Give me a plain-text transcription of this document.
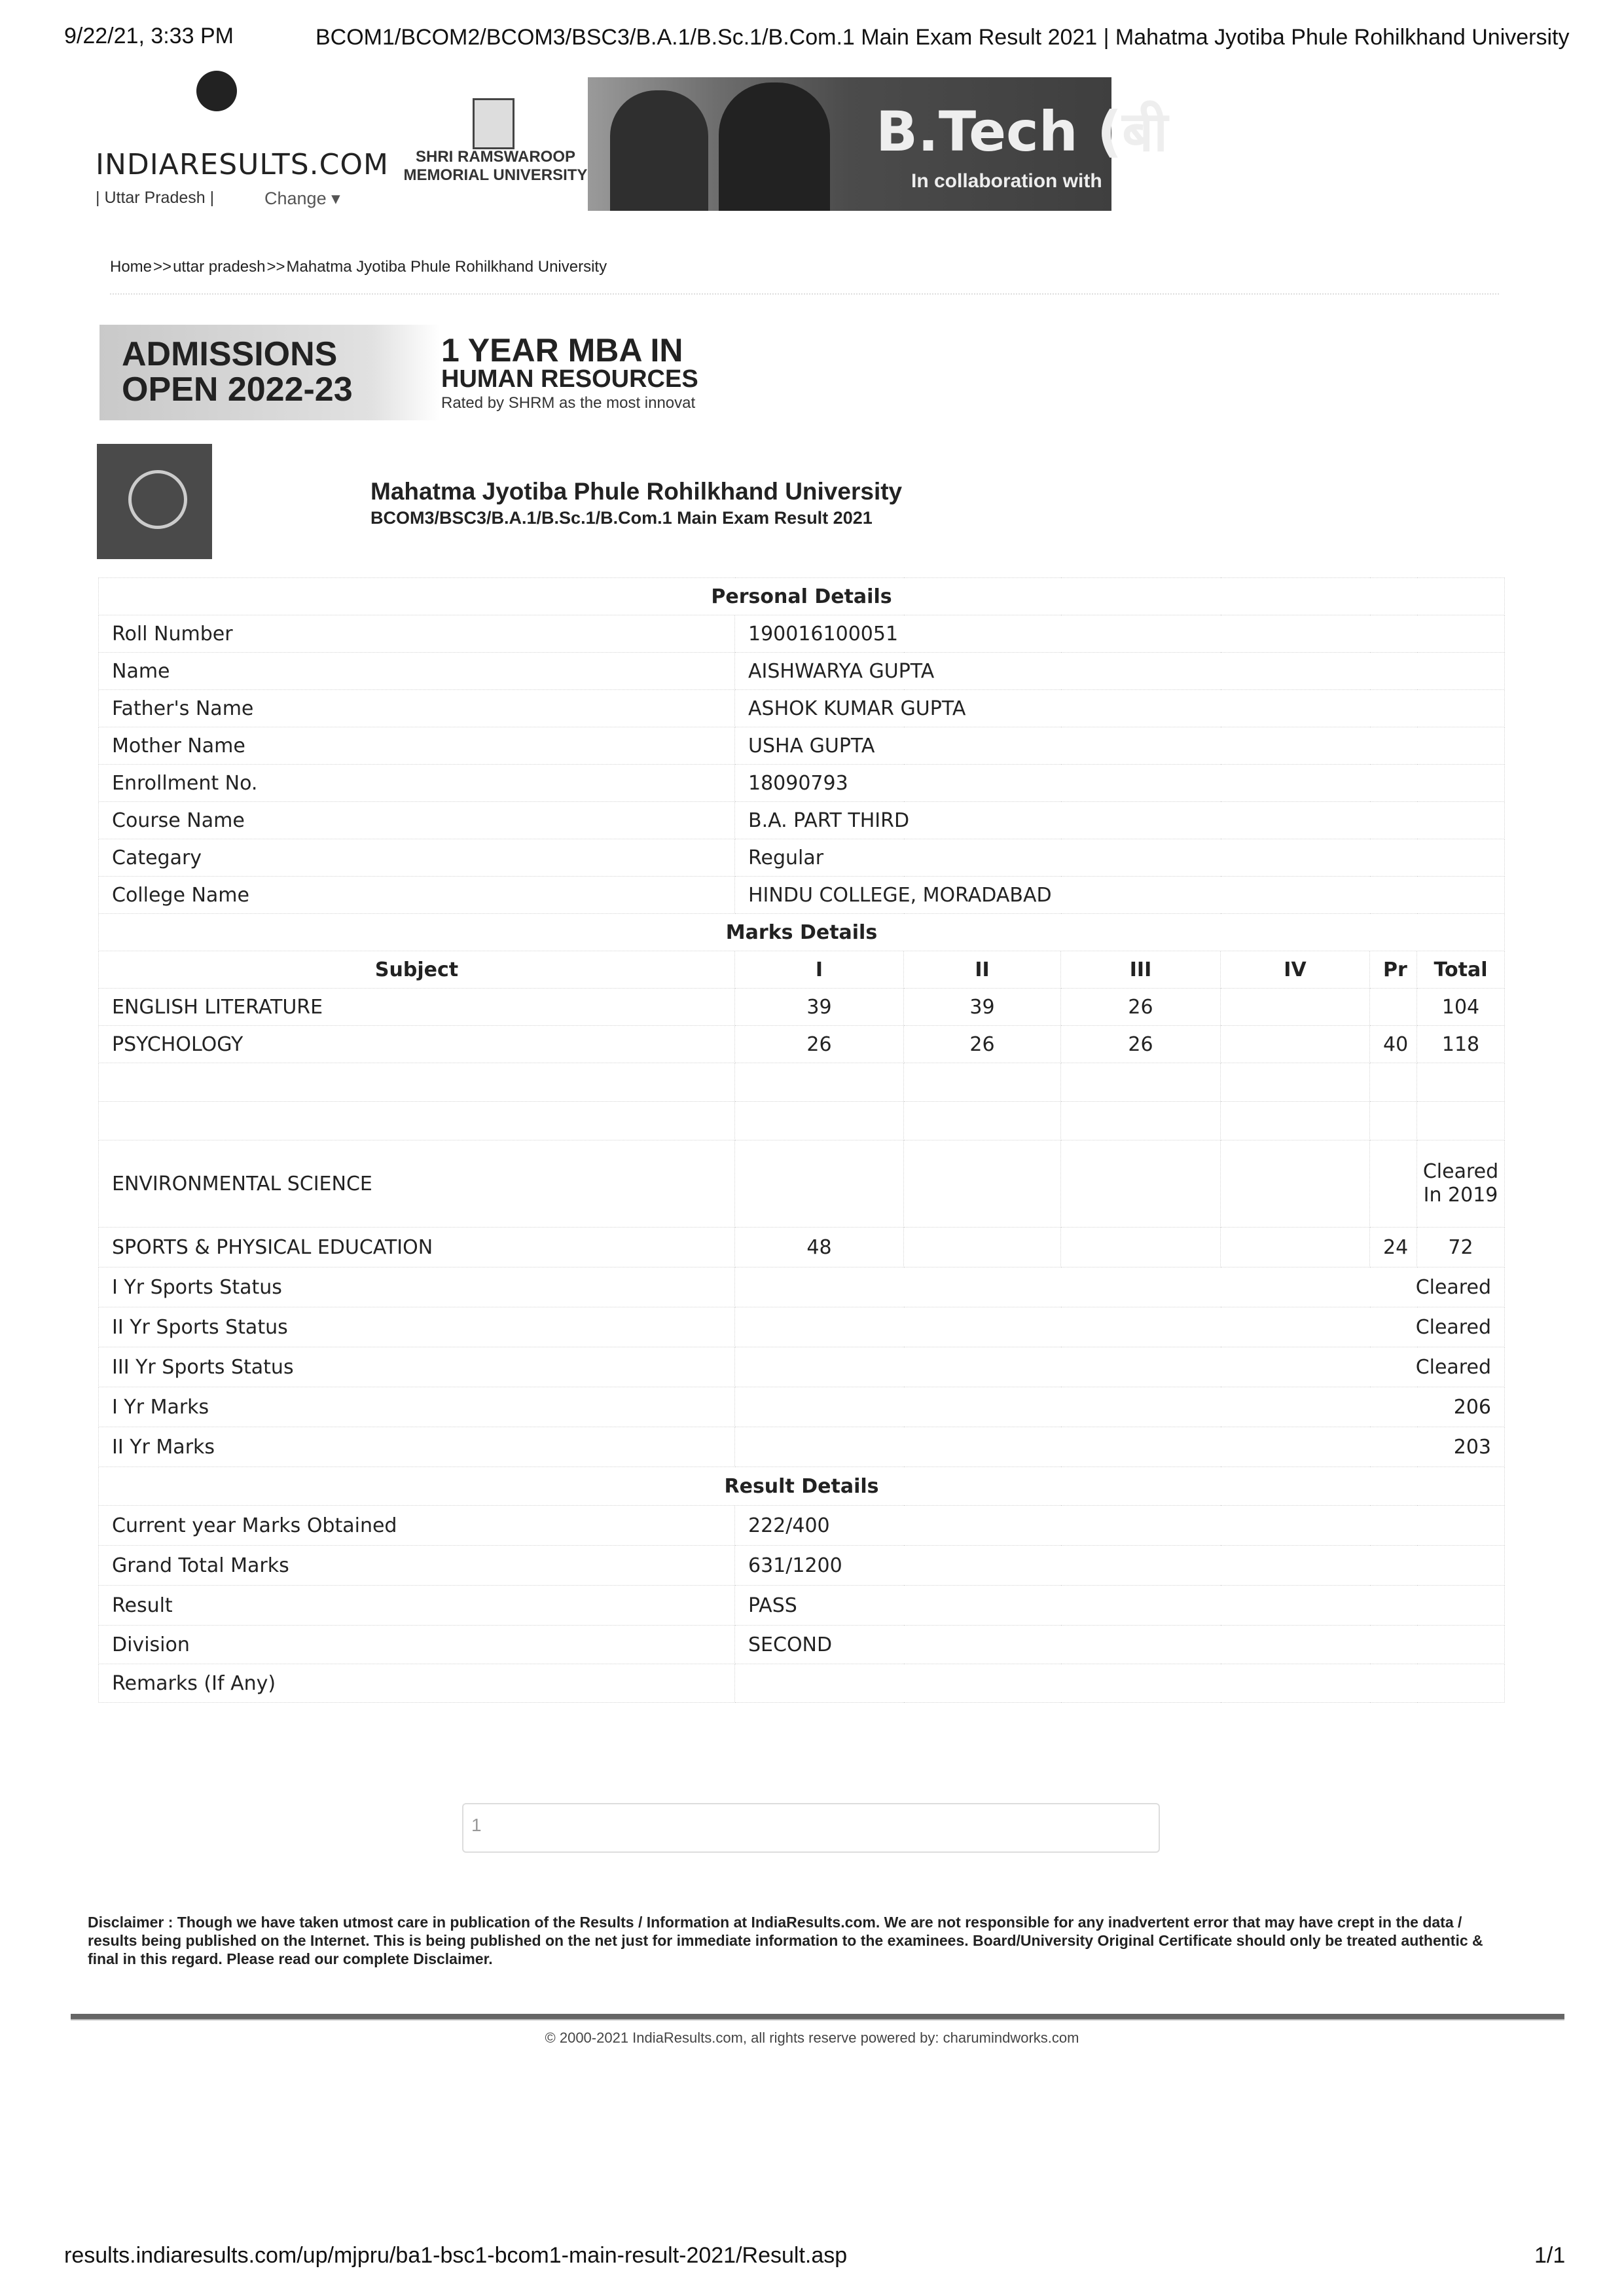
9/22/21, 3:33 PM	BCOM1/BCOM2/BCOM3/BSC3/B.A.1/B.Sc.1/B.Com.1 Main Exam Result 2021 | Mahatma Jyotiba Phule Rohilkhand University
INDIARESULTS.COM
| Uttar Pradesh |	Change ▾
SHRI RAMSWAROOP MEMORIAL UNIVERSITY
B.Tech (बी
In collaboration with
Home>>uttar pradesh>>Mahatma Jyotiba Phule Rohilkhand University
ADMISSIONS
OPEN 2022-23
1 YEAR MBA IN
HUMAN RESOURCES
Rated by SHRM as the most innovat
Mahatma Jyotiba Phule Rohilkhand University
BCOM3/BSC3/B.A.1/B.Sc.1/B.Com.1 Main Exam Result 2021
Personal Details						
Roll Number	190016100051					
Name	AISHWARYA GUPTA					
Father's Name	ASHOK KUMAR GUPTA					
Mother Name	USHA GUPTA					
Enrollment No.	18090793					
Course Name	B.A. PART THIRD					
Categary	Regular					
College Name	HINDU COLLEGE, MORADABAD					
Marks Details						
Subject	I	II	III	IV	Pr	Total
ENGLISH LITERATURE	39	39	26			104
PSYCHOLOGY	26	26	26		40	118

ENVIRONMENTAL SCIENCE						Cleared In 2019
SPORTS & PHYSICAL EDUCATION	48				24	72
I Yr Sports Status	Cleared					
II Yr Sports Status	Cleared					
III Yr Sports Status	Cleared					
I Yr Marks	206					
II Yr Marks	203					
Result Details						
Current year Marks Obtained	222/400					
Grand Total Marks	631/1200					
Result	PASS					
Division	SECOND					
Remarks (If Any)						
1
Disclaimer : Though we have taken utmost care in publication of the Results / Information at IndiaResults.com. We are not responsible for any inadvertent error that may have crept in the data / results being published on the Internet. This is being published on the net just for immediate information to the examinees. Board/University Original Certificate should only be treated authentic & final in this regard. Please read our complete Disclaimer.
© 2000-2021 IndiaResults.com, all rights reserve powered by: charumindworks.com
results.indiaresults.com/up/mjpru/ba1-bsc1-bcom1-main-result-2021/Result.asp	1/1
